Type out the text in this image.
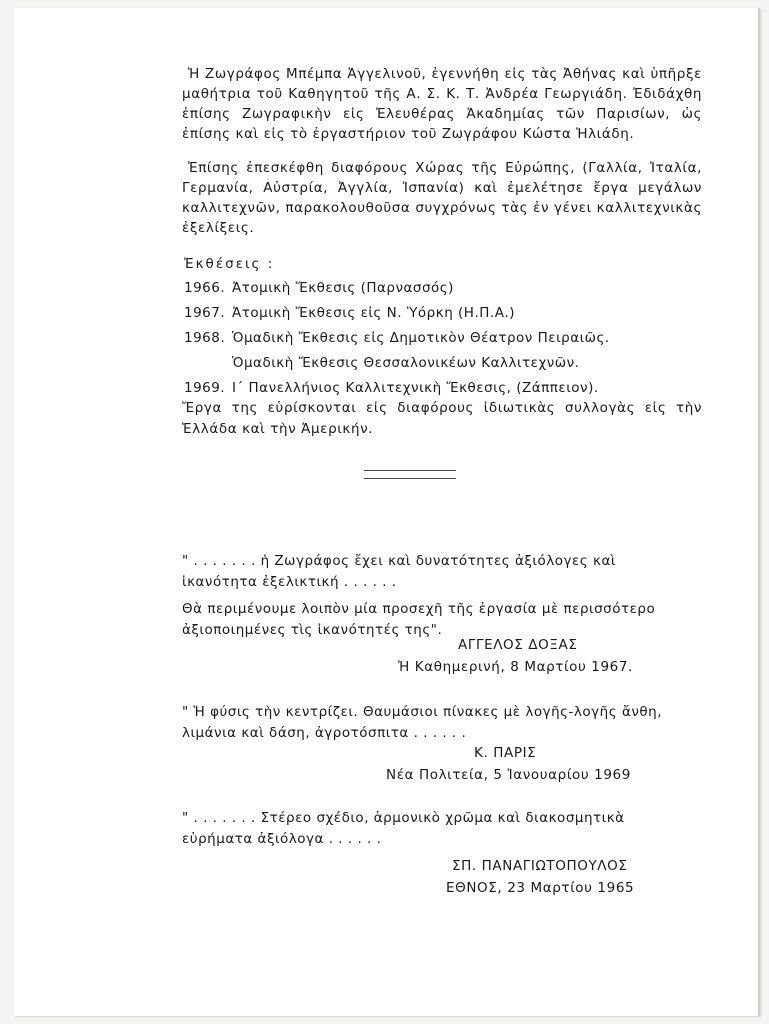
Ἡ Ζωγράφος Μπέμπα Ἀγγελινοῦ, ἐγεννήθη εἰς τὰς Ἀθήνας καὶ ὑπῆρξε μαθήτρια τοῦ Καθηγητοῦ τῆς Α. Σ. Κ. Τ. Ἀνδρέα Γεωργιάδη. Ἐδιδάχθη ἐπίσης Ζωγραφικὴν εἰς Ἐλευθέρας Ἀκαδημίας τῶν Παρισίων, ὡς ἐπίσης καὶ εἰς τὸ ἐργαστήριον τοῦ Ζωγράφου Κώστα Ἡλιάδη.

Ἐπίσης ἐπεσκέφθη διαφόρους Χώρας τῆς Εὐρώπης, (Γαλλία, Ἰταλία, Γερμανία, Αὐστρία, Ἀγγλία, Ἰσπανία) καὶ ἐμελέτησε ἔργα μεγάλων καλλιτεχνῶν, παρακολουθοῦσα συγχρόνως τὰς ἐν γένει καλλιτεχνικὰς ἐξελίξεις.

Ἐκθέσεις :
1966. Ἀτομικὴ Ἔκθεσις (Παρνασσός)
1967. Ἀτομικὴ Ἔκθεσις εἰς Ν. Ὑόρκη (Η.Π.Α.)
1968. Ὁμαδικὴ Ἔκθεσις εἰς Δημοτικὸν Θέατρον Πειραιῶς.
Ὁμαδικὴ Ἔκθεσις Θεσσαλονικέων Καλλιτεχνῶν.
1969. Ι΄ Πανελλήνιος Καλλιτεχνικὴ Ἔκθεσις, (Ζάππειον).
Ἔργα της εὑρίσκονται εἰς διαφόρους ἰδιωτικὰς συλλογὰς εἰς τὴν Ἑλλάδα καὶ τὴν Ἀμερικήν.

" . . . . . . . ἡ Ζωγράφος ἔχει καὶ δυνατότητες ἀξιόλογες καὶ ἱκανότητα ἐξελικτική . . . . . .

Θὰ περιμένουμε λοιπὸν μία προσεχῆ τῆς ἐργασία μὲ περισσότερο ἀξιοποιημένες τὶς ἱκανότητές της".

ΑΓΓΕΛΟΣ ΔΟΞΑΣ
Ἡ Καθημερινή, 8 Μαρτίου 1967.

" Ἡ φύσις τὴν κεντρίζει. Θαυμάσιοι πίνακες μὲ λογῆς-λογῆς ἄνθη, λιμάνια καὶ δάση, ἀγροτόσπιτα . . . . . .

Κ. ΠΑΡΙΣ
Νέα Πολιτεία, 5 Ἰανουαρίου 1969

" . . . . . . . Στέρεο σχέδιο, ἁρμονικὸ χρῶμα καὶ διακοσμητικὰ εὑρήματα ἀξιόλογα . . . . . .

ΣΠ. ΠΑΝΑΓΙΩΤΟΠΟΥΛΟΣ
ΕΘΝΟΣ, 23 Μαρτίου 1965
